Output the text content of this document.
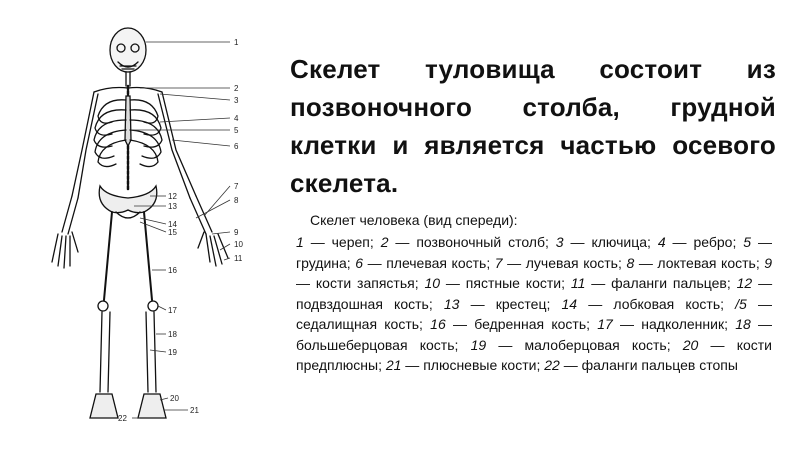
1
2
3
4
5
6
7
8
9
10
11
12
13
14
15
16
17
18
19
20
21
22
Скелет туловища состоит из позвоночного столба, грудной клетки и является частью осевого скелета.

Скелет человека (вид спереди):

1 — череп; 2 — позвоночный столб; 3 — ключица; 4 — ребро; 5 — грудина; 6 — плечевая кость; 7 — лучевая кость; 8 — локтевая кость; 9 — кости запястья; 10 — пястные кости; 11 — фаланги пальцев; 12 — подвздошная кость; 13 — крестец; 14 — лобковая кость; /5 — седалищная кость; 16 — бедренная кость; 17 — надколенник; 18 — большеберцовая кость; 19 — малоберцовая кость; 20 — кости предплюсны; 21 — плюсневые кости; 22 — фаланги пальцев стопы
